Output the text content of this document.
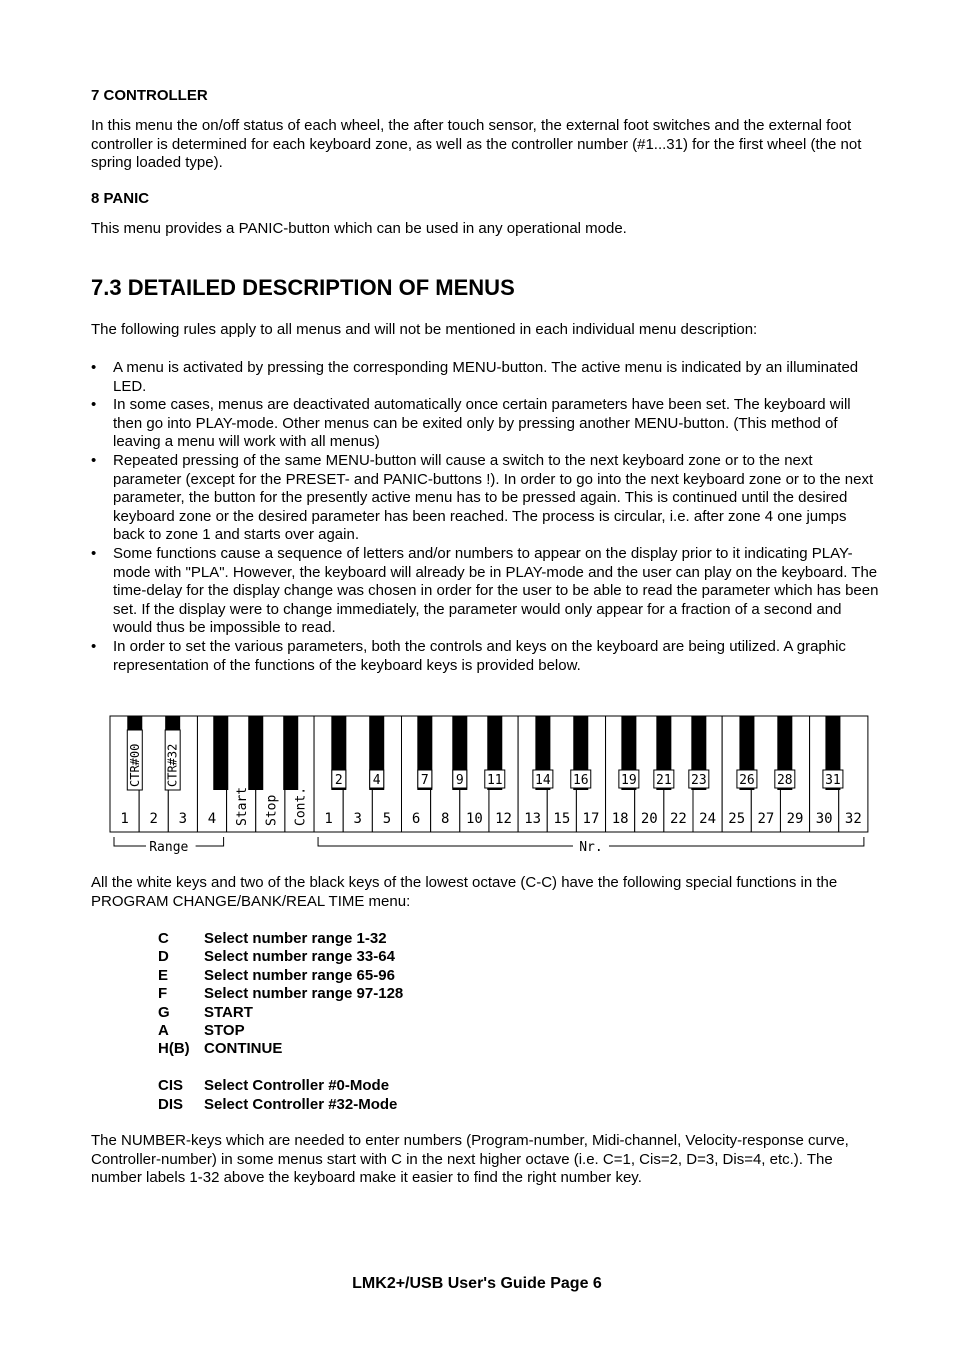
7 CONTROLLER
In this menu the on/off status of each wheel, the after touch sensor, the external foot switches and the external foot controller is determined for each keyboard zone, as well as the controller number (#1...31) for the first wheel (the not spring loaded type).
8 PANIC
This menu provides a PANIC-button which can be used in any operational mode.
7.3 DETAILED DESCRIPTION OF MENUS
The following rules apply to all menus and will not be mentioned in each individual menu description:
• A menu is activated by pressing the corresponding MENU-button. The active menu is indicated by an illuminated LED.
• In some cases, menus are deactivated automatically once certain parameters have been set. The keyboard will then go into PLAY-mode. Other menus can be exited only by pressing another MENU-button. (This method of leaving a menu will work with all menus)
• Repeated pressing of the same MENU-button will cause a switch to the next keyboard zone or to the next parameter (except for the PRESET- and PANIC-buttons !). In order to go into the next keyboard zone or to the next parameter, the button for the presently active menu has to be pressed again. This is continued until the desired keyboard zone or the desired parameter has been reached. The process is circular, i.e. after zone 4 one jumps back to zone 1 and starts over again.
• Some functions cause a sequence of letters and/or numbers to appear on the display prior to it indicating PLAY-mode with "PLA". However, the keyboard will already be in PLAY-mode and the user can play on the keyboard. The time-delay for the display change was chosen in order for the user to be able to read the parameter which has been set. If the display were to change immediately, the parameter would only appear for a fraction of a second and would thus be impossible to read.
• In order to set the various parameters, both the controls and keys on the keyboard are being utilized. A graphic representation of the functions of the keyboard keys is provided below.
CTR#00 CTR#32	2 4	7 9 11 14 16 19 21 23 26 28 31
1 2 3 4 Start Stop Cont. 1 3 5 6 8 10 12 13 15 17 18 20 22 24 25 27 29 30 32
Range	Nr.
All the white keys and two of the black keys of the lowest octave (C-C) have the following special functions in the PROGRAM CHANGE/BANK/REAL TIME menu:
C	Select number range 1-32
D	Select number range 33-64
E	Select number range 65-96
F	Select number range 97-128
G	START
A	STOP
H(B) CONTINUE
CIS	Select Controller #0-Mode
DIS	Select Controller #32-Mode
The NUMBER-keys which are needed to enter numbers (Program-number, Midi-channel, Velocity-response curve, Controller-number) in some menus start with C in the next higher octave (i.e. C=1, Cis=2, D=3, Dis=4, etc.). The number labels 1-32 above the keyboard make it easier to find the right number key.
LMK2+/USB User's Guide Page 6
